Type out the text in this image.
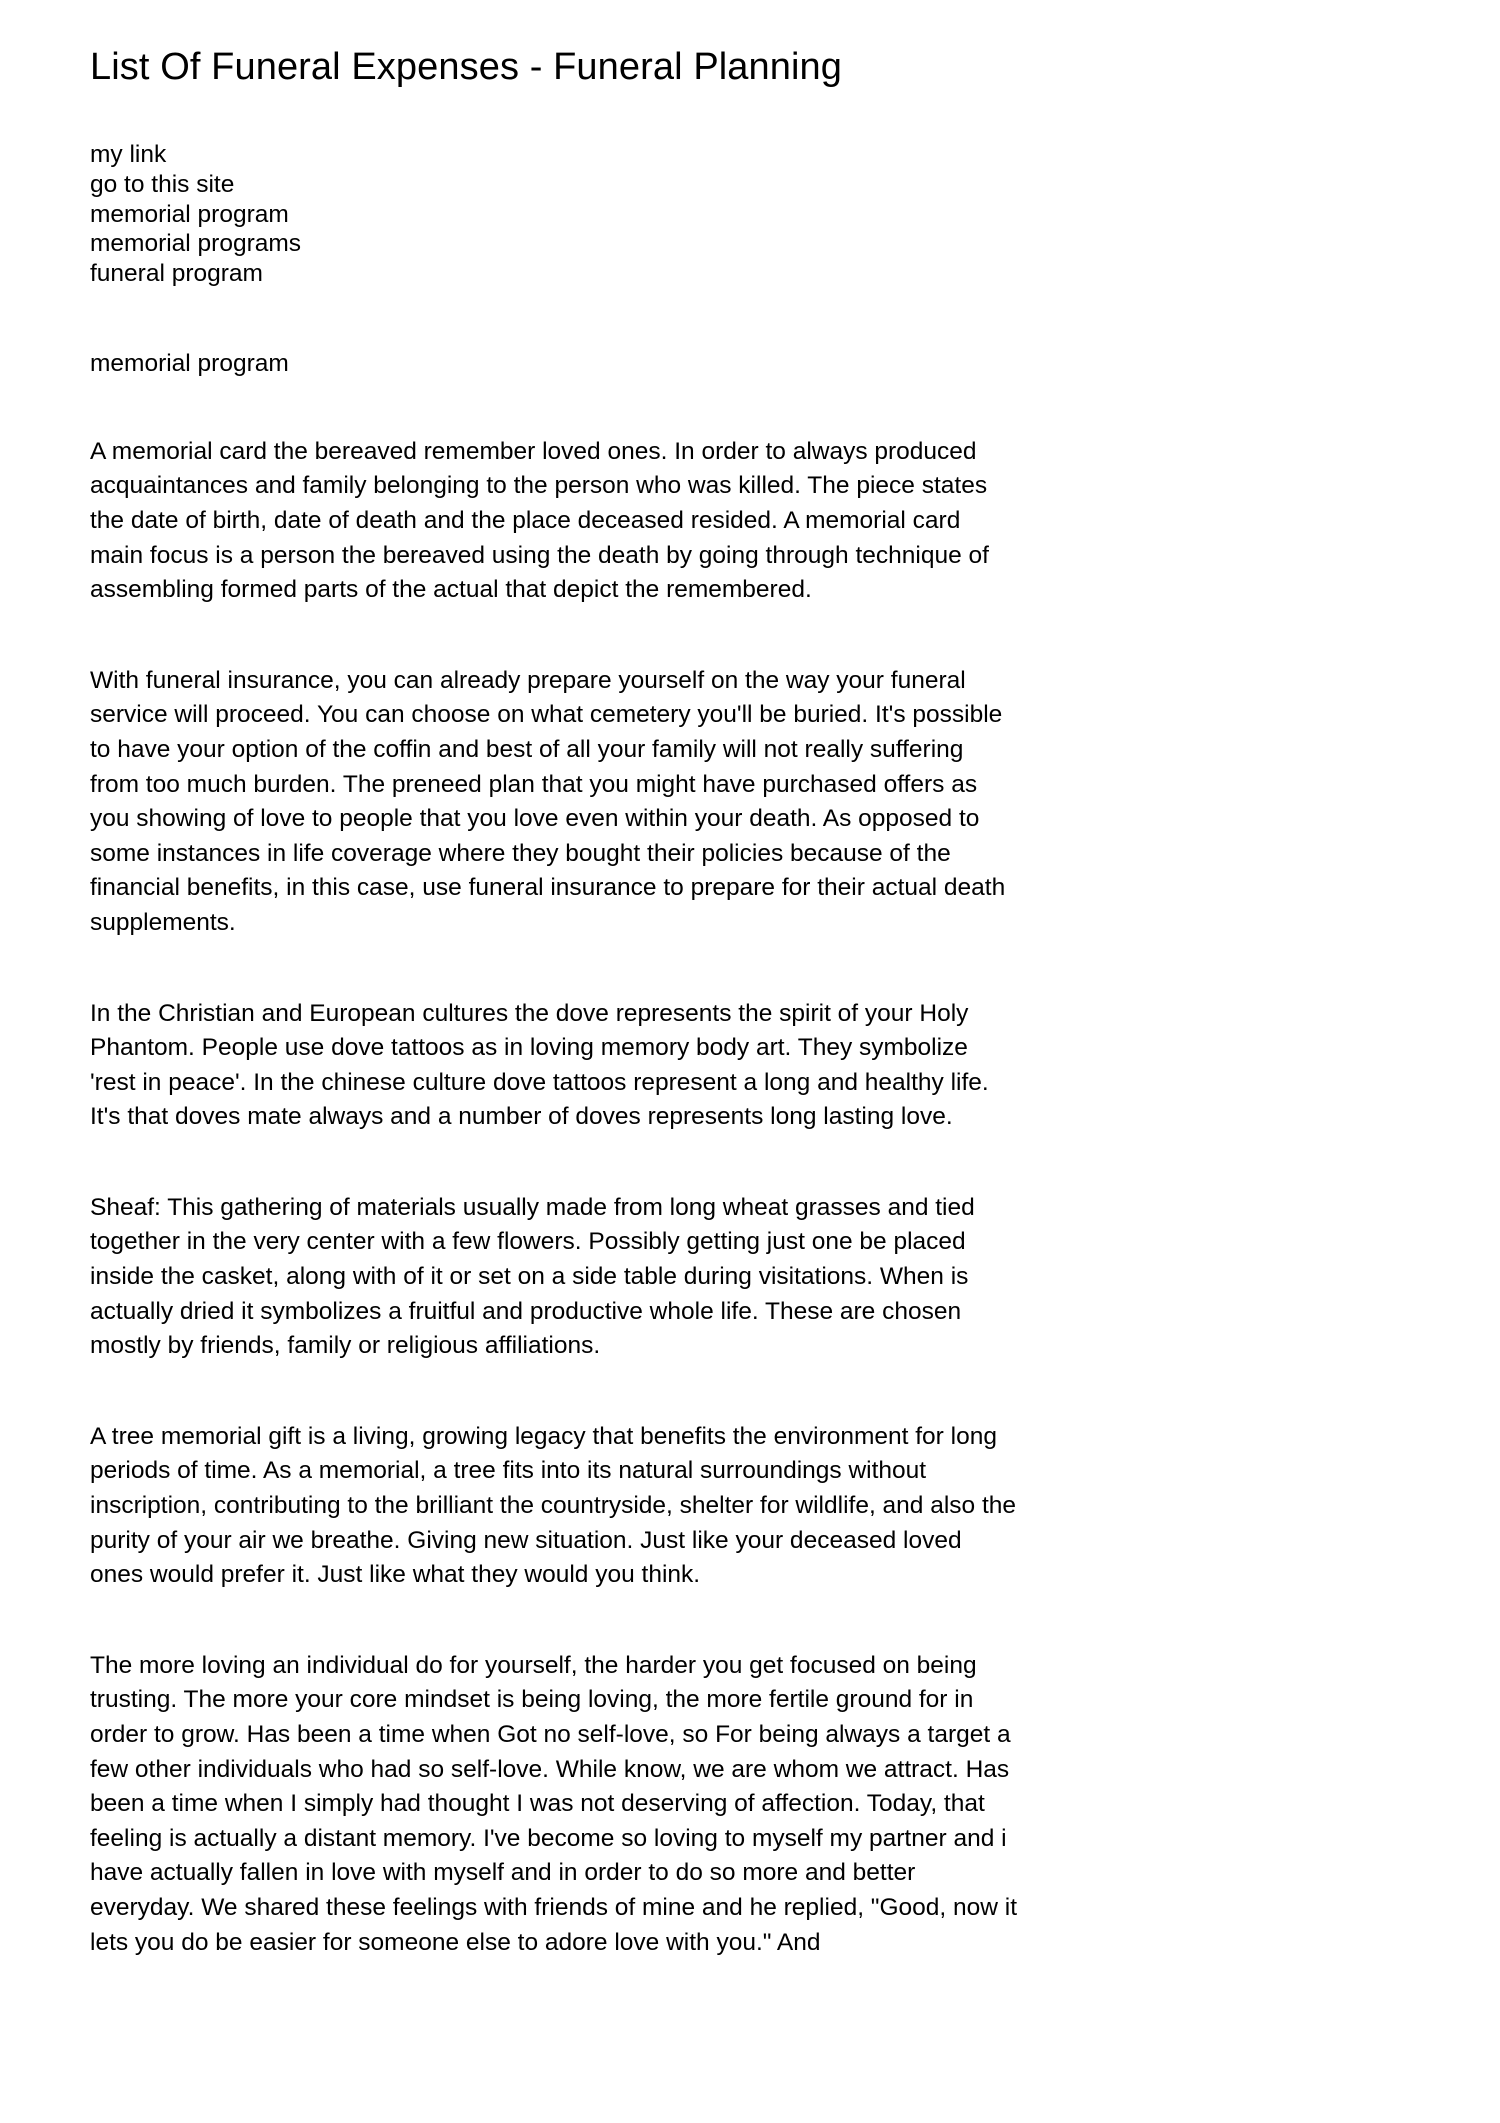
List Of Funeral Expenses - Funeral Planning
my link
go to this site
memorial program
memorial programs
funeral program
memorial program

A memorial card the bereaved remember loved ones. In order to always produced acquaintances and family belonging to the person who was killed. The piece states the date of birth, date of death and the place deceased resided. A memorial card main focus is a person the bereaved using the death by going through technique of assembling formed parts of the actual that depict the remembered.

With funeral insurance, you can already prepare yourself on the way your funeral service will proceed. You can choose on what cemetery you'll be buried. It's possible to have your option of the coffin and best of all your family will not really suffering from too much burden. The preneed plan that you might have purchased offers as you showing of love to people that you love even within your death. As opposed to some instances in life coverage where they bought their policies because of the financial benefits, in this case, use funeral insurance to prepare for their actual death supplements.

In the Christian and European cultures the dove represents the spirit of your Holy Phantom. People use dove tattoos as in loving memory body art. They symbolize 'rest in peace'. In the chinese culture dove tattoos represent a long and healthy life. It's that doves mate always and a number of doves represents long lasting love.

Sheaf: This gathering of materials usually made from long wheat grasses and tied together in the very center with a few flowers. Possibly getting just one be placed inside the casket, along with of it or set on a side table during visitations. When is actually dried it symbolizes a fruitful and productive whole life. These are chosen mostly by friends, family or religious affiliations.

A tree memorial gift is a living, growing legacy that benefits the environment for long periods of time. As a memorial, a tree fits into its natural surroundings without inscription, contributing to the brilliant the countryside, shelter for wildlife, and also the purity of your air we breathe. Giving new situation. Just like your deceased loved ones would prefer it. Just like what they would you think.

The more loving an individual do for yourself, the harder you get focused on being trusting. The more your core mindset is being loving, the more fertile ground for in order to grow. Has been a time when Got no self-love, so For being always a target a few other individuals who had so self-love. While know, we are whom we attract. Has been a time when I simply had thought I was not deserving of affection. Today, that feeling is actually a distant memory. I've become so loving to myself my partner and i have actually fallen in love with myself and in order to do so more and better everyday. We shared these feelings with friends of mine and he replied, "Good, now it lets you do be easier for someone else to adore love with you." And
